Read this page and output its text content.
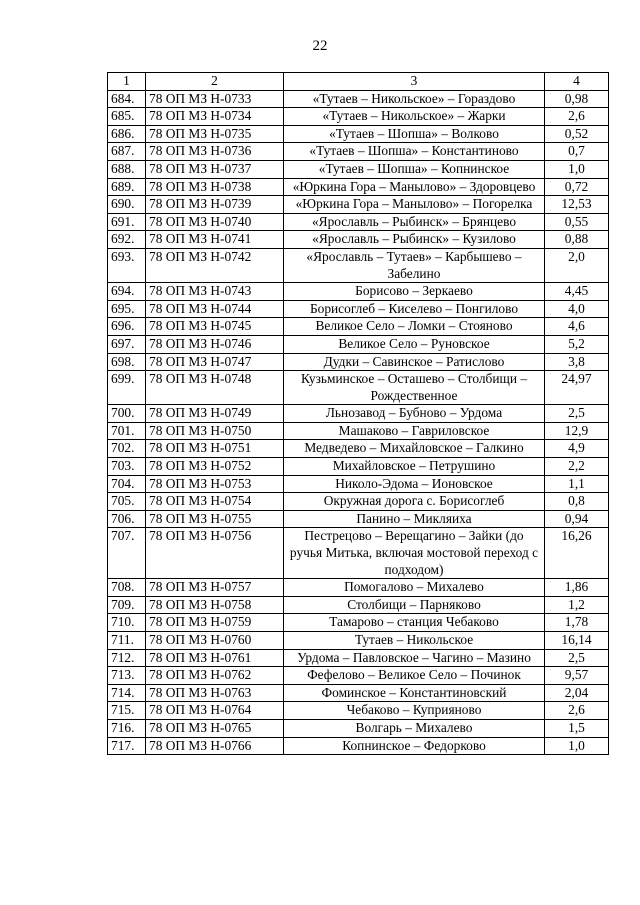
22
1	2	3	4
684.	78 ОП МЗ Н-0733	«Тутаев – Никольское» – Гораздово	0,98
685.	78 ОП МЗ Н-0734	«Тутаев – Никольское» – Жарки	2,6
686.	78 ОП МЗ Н-0735	«Тутаев – Шопша» – Волково	0,52
687.	78 ОП МЗ Н-0736	«Тутаев – Шопша» – Константиново	0,7
688.	78 ОП МЗ Н-0737	«Тутаев – Шопша» – Копнинское	1,0
689.	78 ОП МЗ Н-0738	«Юркина Гора – Манылово» – Здоровцево	0,72
690.	78 ОП МЗ Н-0739	«Юркина Гора – Манылово» – Погорелка	12,53
691.	78 ОП МЗ Н-0740	«Ярославль – Рыбинск» – Брянцево	0,55
692.	78 ОП МЗ Н-0741	«Ярославль – Рыбинск» – Кузилово	0,88
693.	78 ОП МЗ Н-0742	«Ярославль – Тутаев» – Карбышево – Забелино	2,0
694.	78 ОП МЗ Н-0743	Борисово – Зеркаево	4,45
695.	78 ОП МЗ Н-0744	Борисоглеб – Киселево – Понгилово	4,0
696.	78 ОП МЗ Н-0745	Великое Село – Ломки – Стояново	4,6
697.	78 ОП МЗ Н-0746	Великое Село – Руновское	5,2
698.	78 ОП МЗ Н-0747	Дудки – Савинское – Ратислово	3,8
699.	78 ОП МЗ Н-0748	Кузьминское – Осташево – Столбищи – Рождественное	24,97
700.	78 ОП МЗ Н-0749	Льнозавод – Бубново – Урдома	2,5
701.	78 ОП МЗ Н-0750	Машаково – Гавриловское	12,9
702.	78 ОП МЗ Н-0751	Медведево – Михайловское – Галкино	4,9
703.	78 ОП МЗ Н-0752	Михайловское – Петрушино	2,2
704.	78 ОП МЗ Н-0753	Николо-Эдома – Ионовское	1,1
705.	78 ОП МЗ Н-0754	Окружная дорога с. Борисоглеб	0,8
706.	78 ОП МЗ Н-0755	Панино – Микляиха	0,94
707.	78 ОП МЗ Н-0756	Пестрецово – Верещагино – Зайки (до ручья Митька, включая мостовой переход с подходом)	16,26
708.	78 ОП МЗ Н-0757	Помогалово – Михалево	1,86
709.	78 ОП МЗ Н-0758	Столбищи – Парняково	1,2
710.	78 ОП МЗ Н-0759	Тамарово – станция Чебаково	1,78
711.	78 ОП МЗ Н-0760	Тутаев – Никольское	16,14
712.	78 ОП МЗ Н-0761	Урдома – Павловское – Чагино – Мазино	2,5
713.	78 ОП МЗ Н-0762	Фефелово – Великое Село – Починок	9,57
714.	78 ОП МЗ Н-0763	Фоминское – Константиновский	2,04
715.	78 ОП МЗ Н-0764	Чебаково – Куприяново	2,6
716.	78 ОП МЗ Н-0765	Волгарь – Михалево	1,5
717.	78 ОП МЗ Н-0766	Копнинское – Федорково	1,0
